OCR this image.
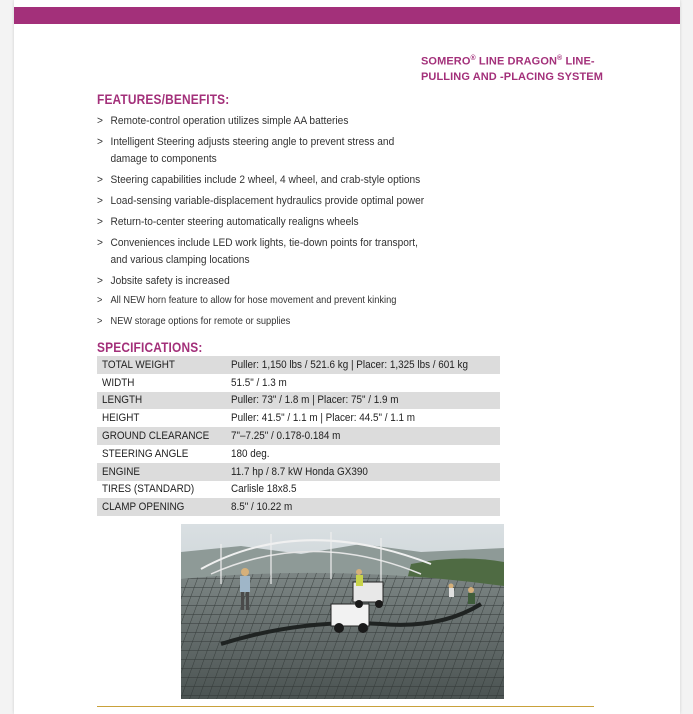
SOMERO® LINE DRAGON® LINE-
PULLING AND -PLACING SYSTEM
FEATURES/BENEFITS:
> Remote-control operation utilizes simple AA batteries
> Intelligent Steering adjusts steering angle to prevent stress and damage to components
> Steering capabilities include 2 wheel, 4 wheel, and crab-style options
> Load-sensing variable-displacement hydraulics provide optimal power
> Return-to-center steering automatically realigns wheels
> Conveniences include LED work lights, tie-down points for transport, and various clamping locations
> Jobsite safety is increased
> All NEW horn feature to allow for hose movement and prevent kinking
> NEW storage options for remote or supplies
SPECIFICATIONS:
TOTAL WEIGHT	Puller: 1,150 lbs / 521.6 kg | Placer: 1,325 lbs / 601 kg
WIDTH	51.5" / 1.3 m
LENGTH	Puller: 73" / 1.8 m | Placer: 75" / 1.9 m
HEIGHT	Puller: 41.5" / 1.1 m | Placer: 44.5" / 1.1 m
GROUND CLEARANCE	7"–7.25" / 0.178-0.184 m
STEERING ANGLE	180 deg.
ENGINE	11.7 hp / 8.7 kW Honda GX390
TIRES (STANDARD)	Carlisle 18x8.5
CLAMP OPENING	8.5" / 10.22 m
